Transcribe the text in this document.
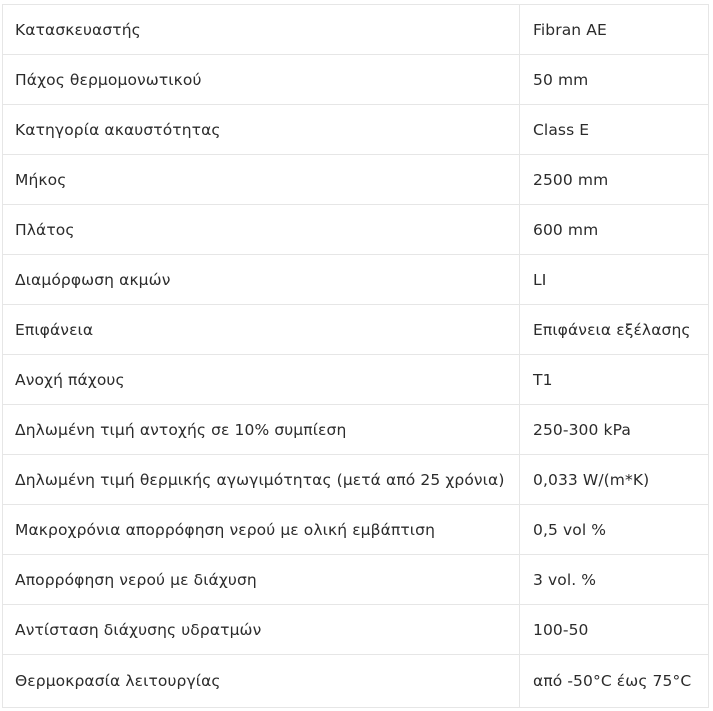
Κατασκευαστής	Fibran AE
Πάχος θερμομονωτικού	50 mm
Κατηγορία ακαυστότητας	Class E
Μήκος	2500 mm
Πλάτος	600 mm
Διαμόρφωση ακμών	LI
Επιφάνεια	Επιφάνεια εξέλασης
Ανοχή πάχους	T1
Δηλωμένη τιμή αντοχής σε 10% συμπίεση	250-300 kPa
Δηλωμένη τιμή θερμικής αγωγιμότητας (μετά από 25 χρόνια)	0,033 W/(m*K)
Μακροχρόνια απορρόφηση νερού με ολική εμβάπτιση	0,5 vol %
Απορρόφηση νερού με διάχυση	3 vol. %
Αντίσταση διάχυσης υδρατμών	100-50
Θερμοκρασία λειτουργίας	από -50°C έως 75°C
